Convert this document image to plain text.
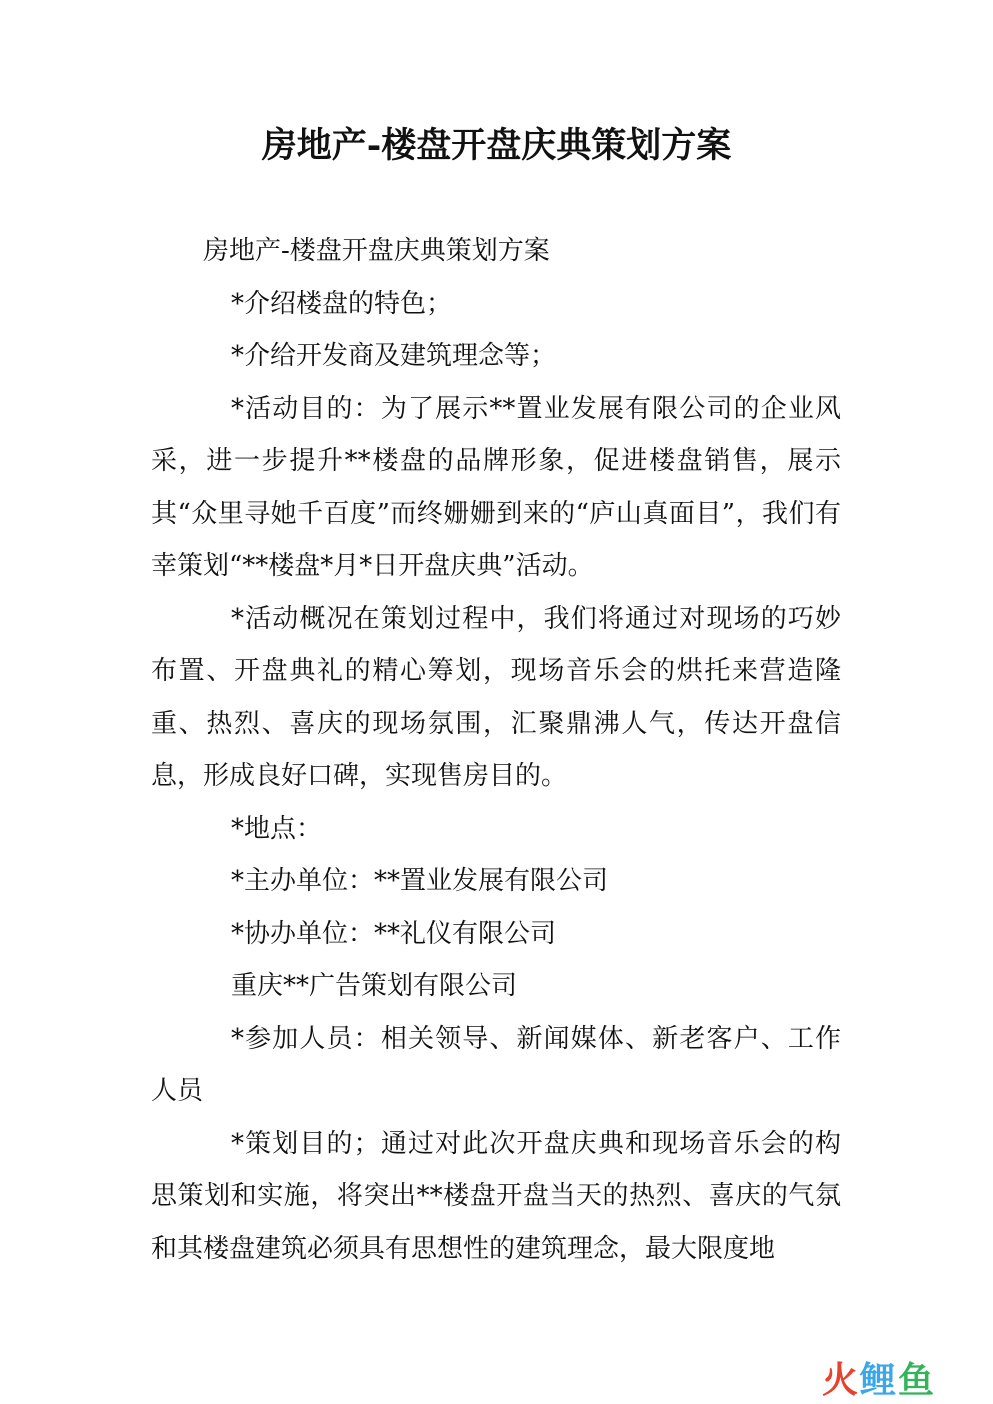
房地产-楼盘开盘庆典策划方案

房地产-楼盘开盘庆典策划方案

*介绍楼盘的特色；

*介给开发商及建筑理念等；

*活动目的：为了展示**置业发展有限公司的企业风采，进一步提升**楼盘的品牌形象，促进楼盘销售，展示其“众里寻她千百度”而终姗姗到来的“庐山真面目”，我们有幸策划“**楼盘*月*日开盘庆典”活动。

*活动概况在策划过程中，我们将通过对现场的巧妙布置、开盘典礼的精心筹划，现场音乐会的烘托来营造隆重、热烈、喜庆的现场氛围，汇聚鼎沸人气，传达开盘信息，形成良好口碑，实现售房目的。

*地点：

*主办单位：**置业发展有限公司

*协办单位：**礼仪有限公司

重庆**广告策划有限公司

*参加人员：相关领导、新闻媒体、新老客户、工作人员

*策划目的；通过对此次开盘庆典和现场音乐会的构思策划和实施，将突出**楼盘开盘当天的热烈、喜庆的气氛和其楼盘建筑必须具有思想性的建筑理念，最大限度地

火 鲤 鱼
